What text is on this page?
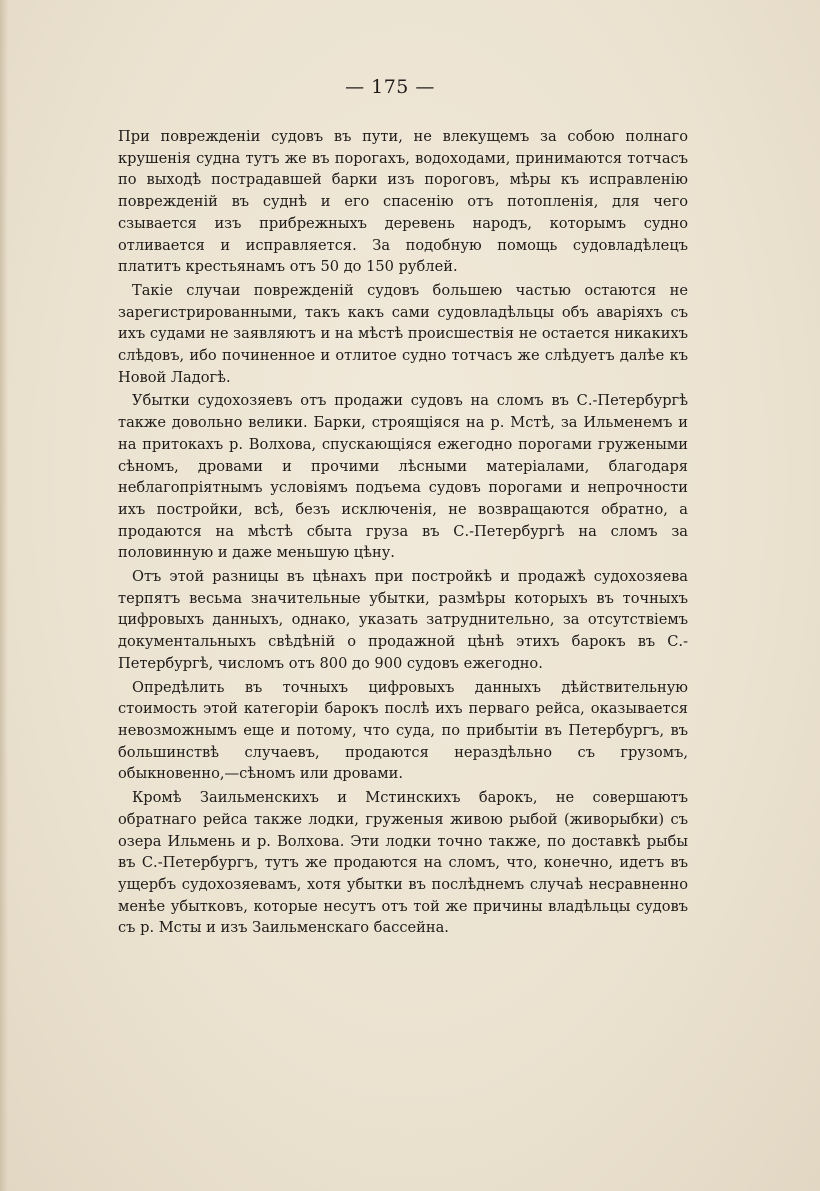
— 175 —

При поврежденіи судовъ въ пути, не влекущемъ за собою полнаго крушенія судна тутъ же въ порогахъ, водоходами, принимаются тотчасъ по выходѣ пострадавшей барки изъ пороговъ, мѣры къ исправленію поврежденій въ суднѣ и его спасенію отъ потопленія, для чего сзывается изъ прибрежныхъ деревень народъ, которымъ судно отливается и исправляется. За подобную помощь судовладѣлецъ платитъ крестьянамъ отъ 50 до 150 рублей.

Такіе случаи поврежденій судовъ большею частью остаются не зарегистрированными, такъ какъ сами судовладѣльцы объ аваріяхъ съ ихъ судами не заявляютъ и на мѣстѣ происшествія не остается никакихъ слѣдовъ, ибо починенное и отлитое судно тотчасъ же слѣдуетъ далѣе къ Новой Ладогѣ.

Убытки судохозяевъ отъ продажи судовъ на сломъ въ С.-Петербургѣ также довольно велики. Барки, строящіяся на р. Мстѣ, за Ильменемъ и на притокахъ р. Волхова, спускающіяся ежегодно порогами гружеными сѣномъ, дровами и прочими лѣсными матеріалами, благодаря неблагопріятнымъ условіямъ подъема судовъ порогами и непрочности ихъ постройки, всѣ, безъ исключенія, не возвращаются обратно, а продаются на мѣстѣ сбыта груза въ С.-Петербургѣ на сломъ за половинную и даже меньшую цѣну.

Отъ этой разницы въ цѣнахъ при постройкѣ и продажѣ судохозяева терпятъ весьма значительные убытки, размѣры которыхъ въ точныхъ цифровыхъ данныхъ, однако, указать затруднительно, за отсутствіемъ документальныхъ свѣдѣній о продажной цѣнѣ этихъ барокъ въ С.-Петербургѣ, числомъ отъ 800 до 900 судовъ ежегодно.

Опредѣлить въ точныхъ цифровыхъ данныхъ дѣйствительную стоимость этой категоріи барокъ послѣ ихъ перваго рейса, оказывается невозможнымъ еще и потому, что суда, по прибытіи въ Петербургъ, въ большинствѣ случаевъ, продаются нераздѣльно съ грузомъ, обыкновенно,—сѣномъ или дровами.

Кромѣ Заильменскихъ и Мстинскихъ барокъ, не совершаютъ обратнаго рейса также лодки, груженыя живою рыбой (живорыбки) съ озера Ильмень и р. Волхова. Эти лодки точно также, по доставкѣ рыбы въ С.-Петербургъ, тутъ же продаются на сломъ, что, конечно, идетъ въ ущербъ судохозяевамъ, хотя убытки въ послѣднемъ случаѣ несравненно менѣе убытковъ, которые несутъ отъ той же причины владѣльцы судовъ съ р. Мсты и изъ Заильменскаго бассейна.
